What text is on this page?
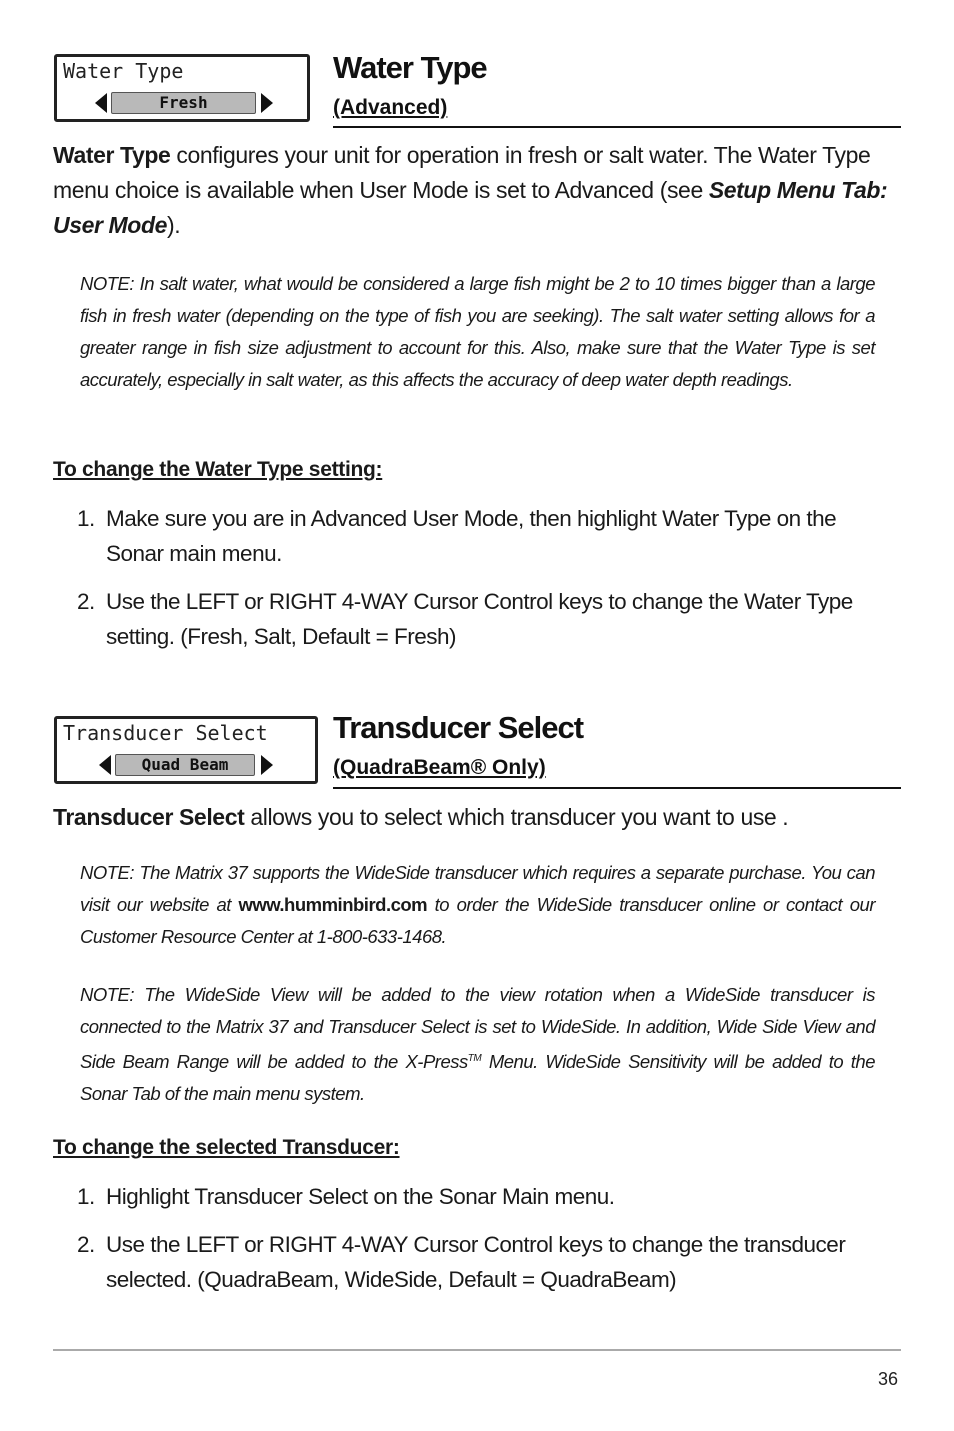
Water Type
Fresh
Water Type
(Advanced)

Water Type configures your unit for operation in fresh or salt water. The Water Type menu choice is available when User Mode is set to Advanced (see Setup Menu Tab: User Mode).

NOTE: In salt water, what would be considered a large fish might be 2 to 10 times bigger than a large fish in fresh water (depending on the type of fish you are seeking). The salt water setting allows for a greater range in fish size adjustment to account for this. Also, make sure that the Water Type is set accurately, especially in salt water, as this affects the accuracy of deep water depth readings.

To change the Water Type setting:

1. Make sure you are in Advanced User Mode, then highlight Water Type on the Sonar main menu.

2. Use the LEFT or RIGHT 4-WAY Cursor Control keys to change the Water Type setting. (Fresh, Salt, Default = Fresh)

Transducer Select
Quad Beam
Transducer Select
(QuadraBeam® Only)

Transducer Select allows you to select which transducer you want to use .

NOTE: The Matrix 37 supports the WideSide transducer which requires a separate purchase. You can visit our website at www.humminbird.com to order the WideSide transducer online or contact our Customer Resource Center at 1-800-633-1468.

NOTE: The WideSide View will be added to the view rotation when a WideSide transducer is connected to the Matrix 37 and Transducer Select is set to WideSide. In addition, Wide Side View and Side Beam Range will be added to the X-Press™ Menu. WideSide Sensitivity will be added to the Sonar Tab of the main menu system.

To change the selected Transducer:

1. Highlight Transducer Select on the Sonar Main menu.

2. Use the LEFT or RIGHT 4-WAY Cursor Control keys to change the transducer selected. (QuadraBeam, WideSide, Default = QuadraBeam)

36
